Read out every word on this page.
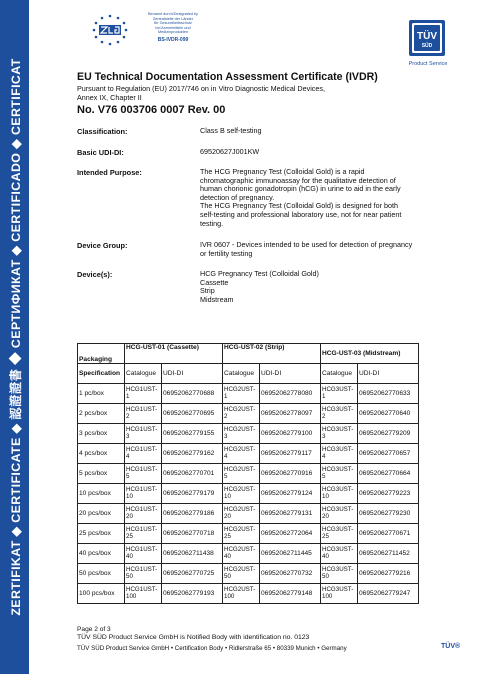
ZERTIFIKAT ◆ CERTIFICATE ◆ 認證證書 ◆ СЕРТИФИКАТ ◆ CERTIFICADO ◆ CERTIFICAT
Benannt durch/Designated by
Zentralstelle der Länder
für Gesundheitsschutz
bei Arzneimitteln und
Medizinprodukten
BS-IVDR-099	TÜV
SÜD
Product Service
EU Technical Documentation Assessment Certificate (IVDR)
Pursuant to Regulation (EU) 2017/746 on in Vitro Diagnostic Medical Devices,
Annex IX, Chapter II
No. V76 003706 0007 Rev. 00
Classification:	Class B self-testing
Basic UDI-DI:	69520627J001KW
Intended Purpose:	The HCG Pregnancy Test (Colloidal Gold) is a rapid
chromatographic immunoassay for the qualitative detection of
human chorionic gonadotropin (hCG) in urine to aid in the early
detection of pregnancy.
The HCG Pregnancy Test (Colloidal Gold) is designed for both
self-testing and professional laboratory use, not for near patient
testing.
Device Group:	IVR 0607 - Devices intended to be used for detection of pregnancy
or fertility testing
Device(s):	HCG Pregnancy Test (Colloidal Gold)
Cassette
Strip
Midstream
Packaging	HCG-UST-01 (Cassette)		HCG-UST-02 (Strip)		HCG-UST-03 (Midstream)	
Specification	Catalogue	UDI-DI	Catalogue	UDI-DI	Catalogue	UDI-DI
1 pc/box	HCG1UST-1	06952062770688	HCG2UST-1	06952062778080	HCG3UST-1	06952062770633
2 pcs/box	HCG1UST-2	06952062770695	HCG2UST-2	06952062778097	HCG3UST-2	06952062770640
3 pcs/box	HCG1UST-3	06952062779155	HCG2UST-3	06952062779100	HCG3UST-3	06952062779209
4 pcs/box	HCG1UST-4	06952062779162	HCG2UST-4	06952062779117	HCG3UST-4	06952062770657
5 pcs/box	HCG1UST-5	06952062770701	HCG2UST-5	06952062770916	HCG3UST-5	06952062770664
10 pcs/box	HCG1UST-10	06952062779179	HCG2UST-10	06952062779124	HCG3UST-10	06952062779223
20 pcs/box	HCG1UST-20	06952062779186	HCG2UST-20	06952062779131	HCG3UST-20	06952062779230
25 pcs/box	HCG1UST-25	06952062770718	HCG2UST-25	06952062772064	HCG3UST-25	06952062770671
40 pcs/box	HCG1UST-40	06952062711438	HCG2UST-40	06952062711445	HCG3UST-40	06952062711452
50 pcs/box	HCG1UST-50	06952062770725	HCG2UST-50	06952062770732	HCG3UST-50	06952062779216
100 pcs/box	HCG1UST-100	06952062779193	HCG2UST-100	06952062779148	HCG3UST-100	06952062779247
Page 2 of 3
TÜV SÜD Product Service GmbH is Notified Body with identification no. 0123
TÜV SÜD Product Service GmbH • Certification Body • Ridlerstraße 65 • 80339 Munich • Germany	TÜV®
